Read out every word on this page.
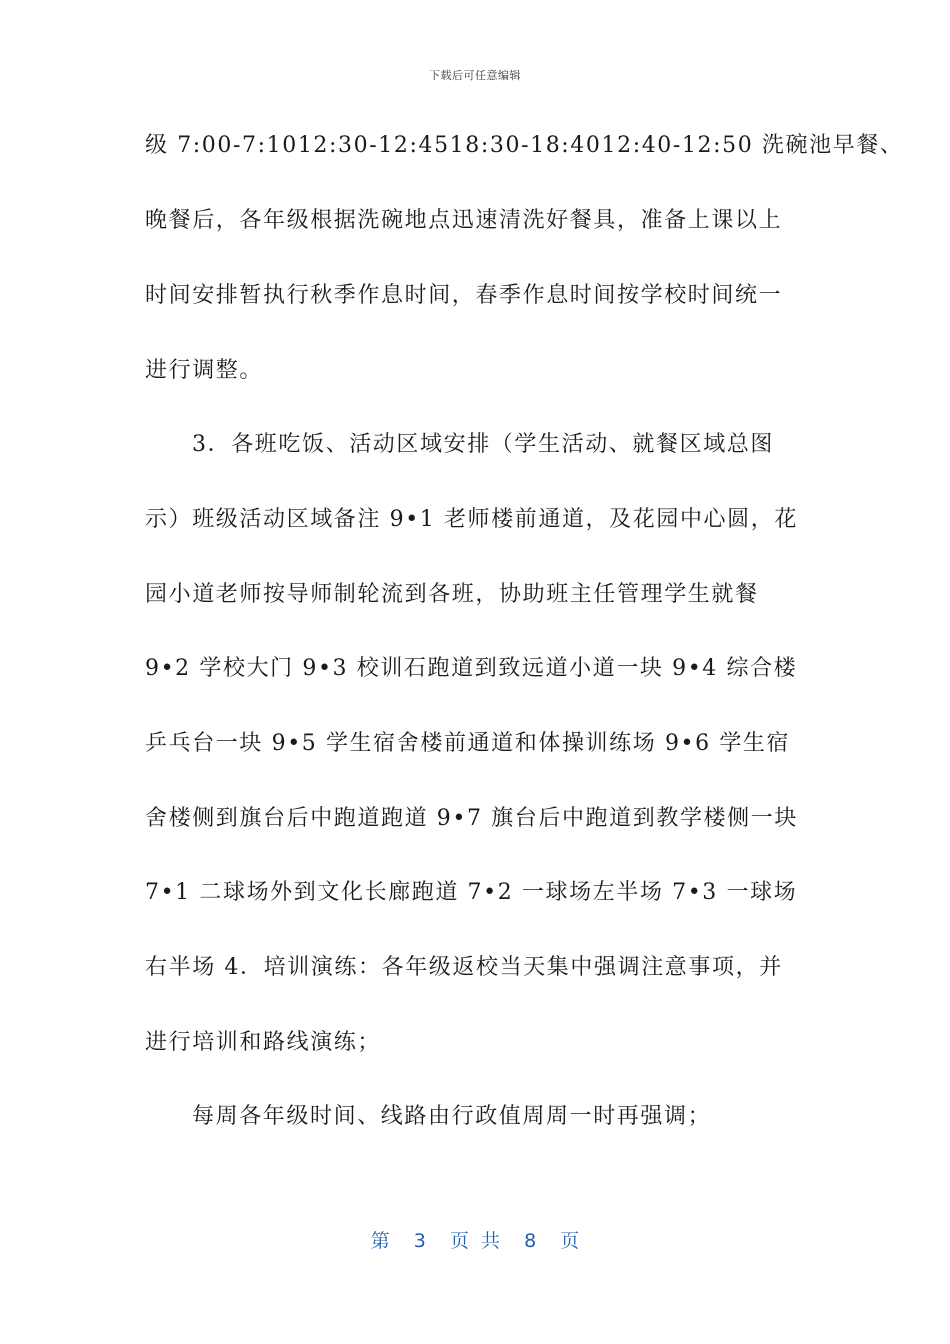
下载后可任意编辑
级 7:00-7:1012:30-12:4518:30-18:4012:40-12:50 洗碗池早餐、
晚餐后，各年级根据洗碗地点迅速清洗好餐具，准备上课以上
时间安排暂执行秋季作息时间，春季作息时间按学校时间统一
进行调整。
3．各班吃饭、活动区域安排（学生活动、就餐区域总图
示）班级活动区域备注 9•1 老师楼前通道，及花园中心圆，花
园小道老师按导师制轮流到各班，协助班主任管理学生就餐
9•2 学校大门 9•3 校训石跑道到致远道小道一块 9•4 综合楼
乒乓台一块 9•5 学生宿舍楼前通道和体操训练场 9•6 学生宿
舍楼侧到旗台后中跑道跑道 9•7 旗台后中跑道到教学楼侧一块
7•1 二球场外到文化长廊跑道 7•2 一球场左半场 7•3 一球场
右半场 4．培训演练：各年级返校当天集中强调注意事项，并
进行培训和路线演练；
每周各年级时间、线路由行政值周周一时再强调；
第  3  页 共  8  页
